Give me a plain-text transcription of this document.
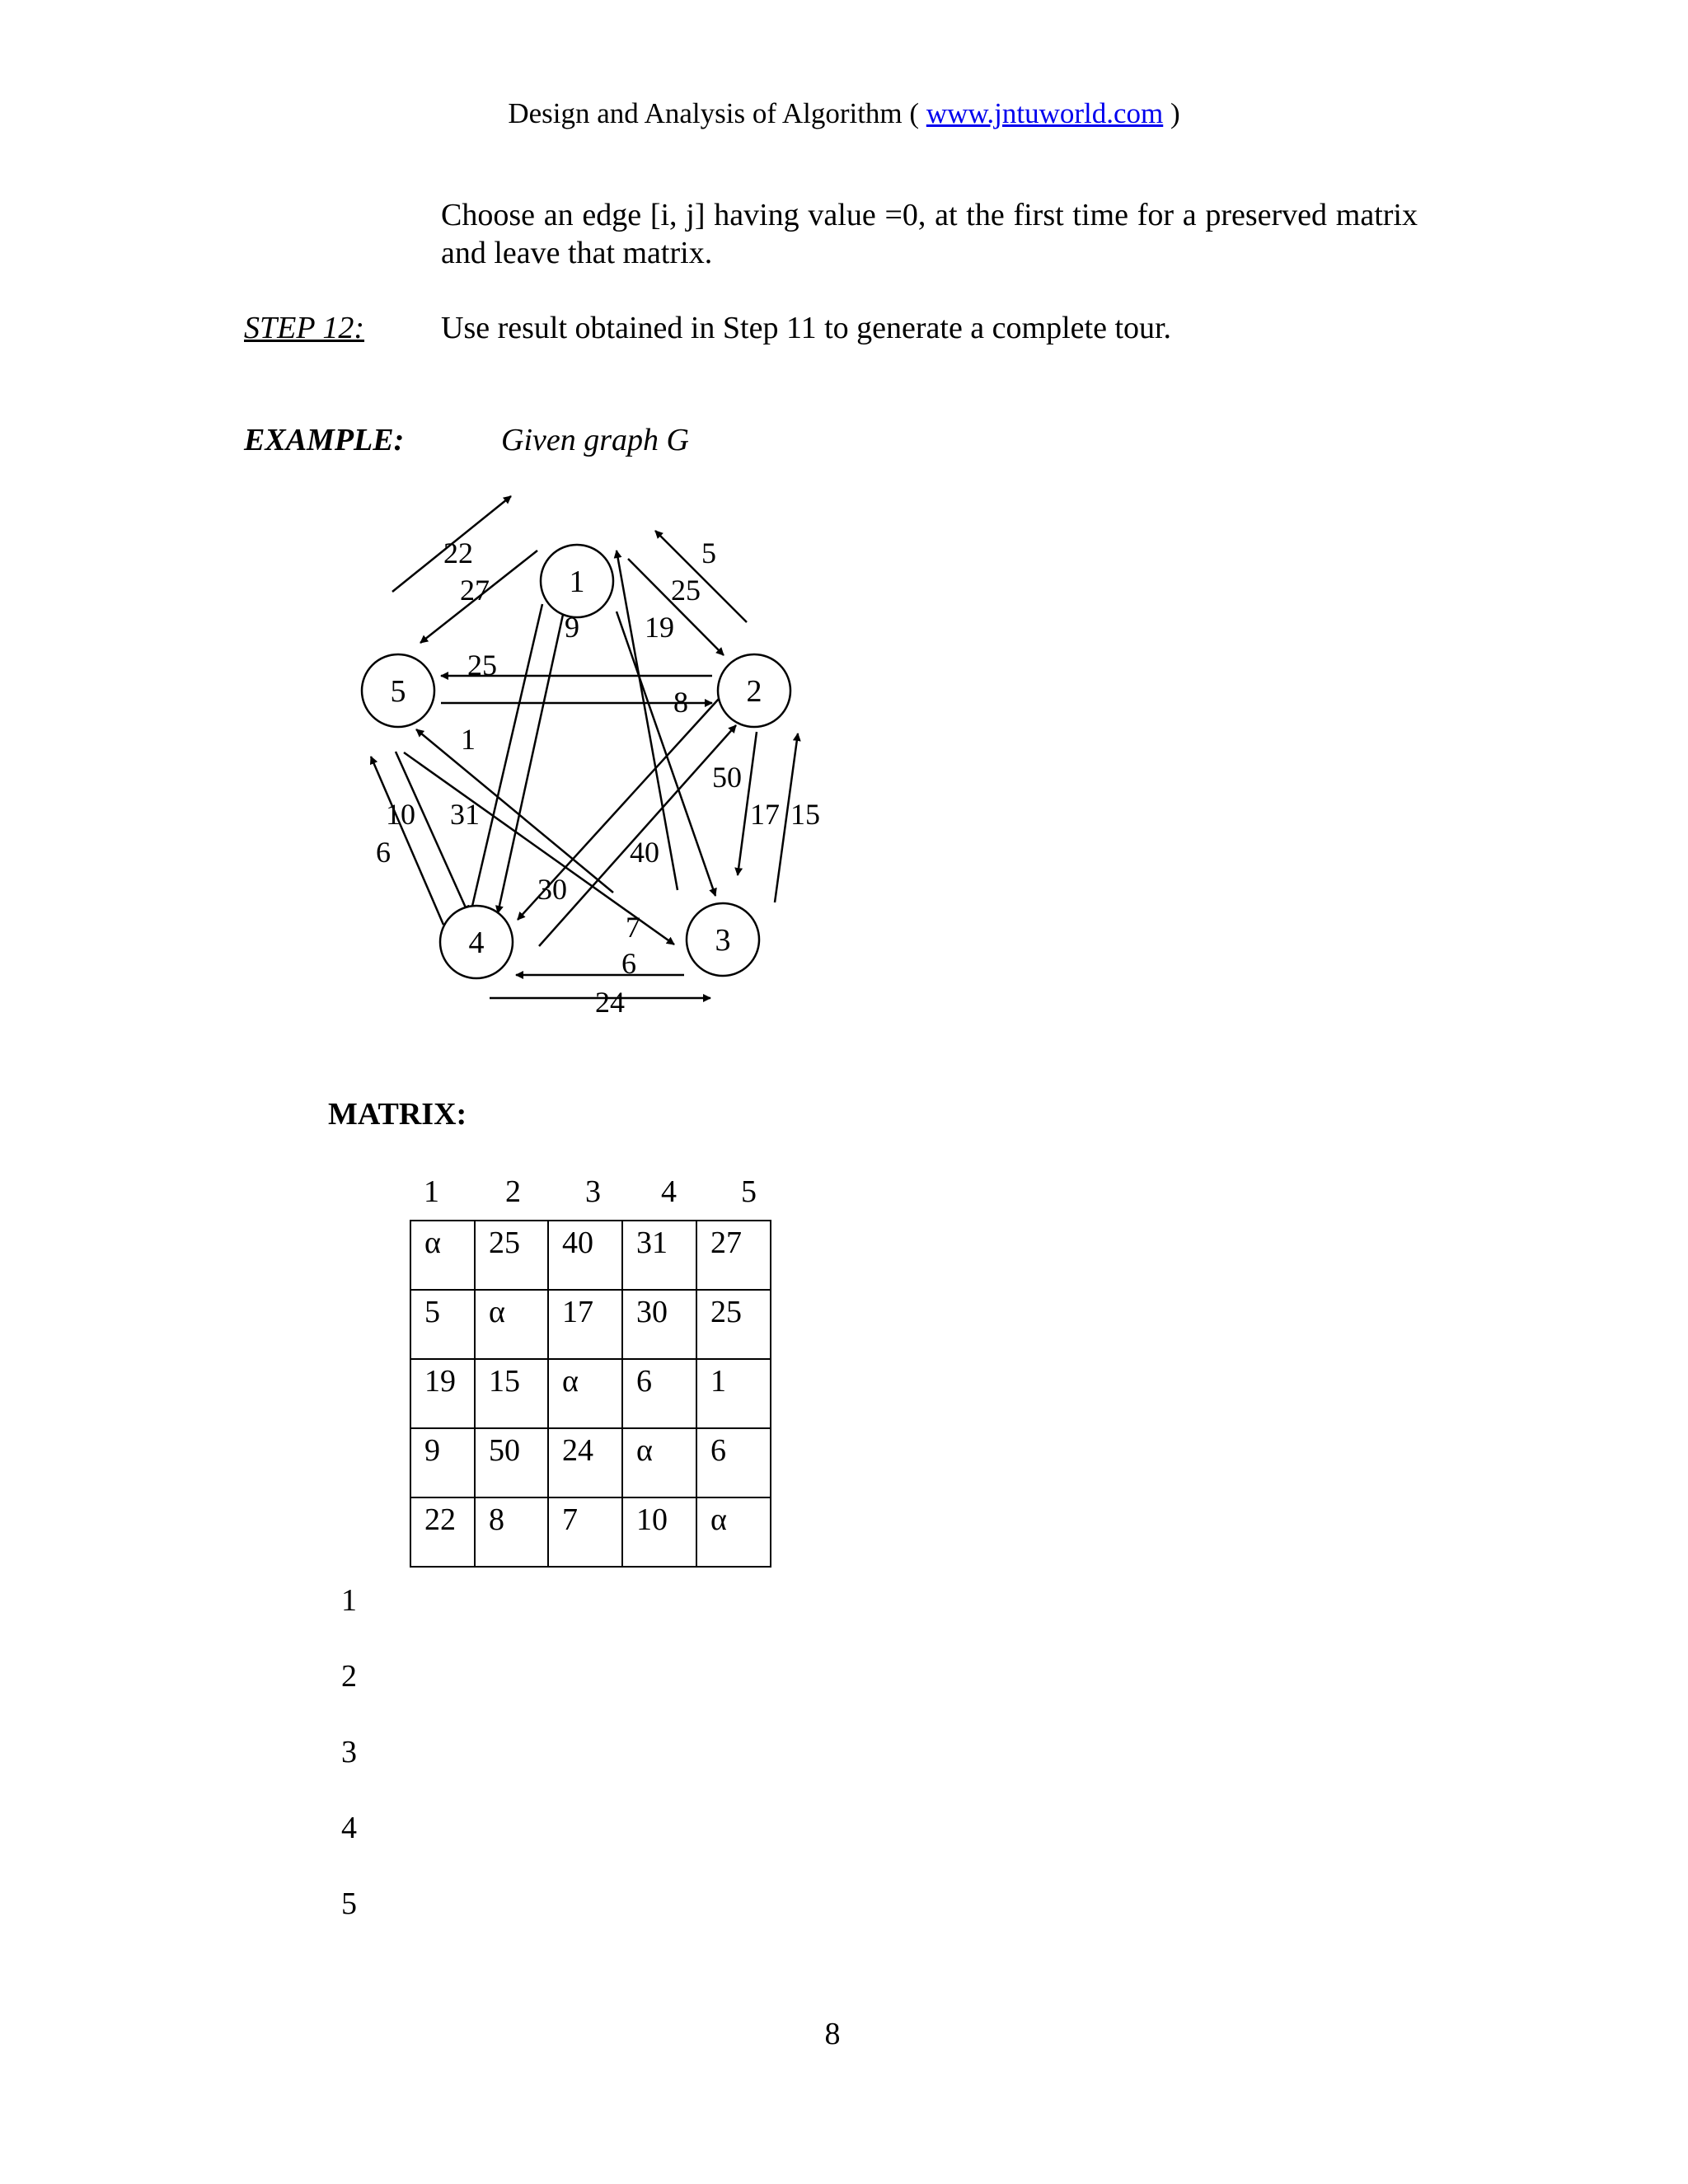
Design and Analysis of Algorithm ( www.jntuworld.com )
Choose an edge [i, j] having value =0, at the first time for a preserved matrix and leave that matrix.
STEP 12: Use result obtained in Step 11 to generate a complete tour.
EXAMPLE:	Given graph G
1
2
3
4
5
22
27
5
25
9 19
25
8
1
50
17 15
10 31
6	40
30
7
6
24
MATRIX:
1 2 3 4 5
α	25	40	31	27
5	α	17	30	25
19	15	α	6	1
9	50	24	α	6
22	8	7	10	α
1
2
3
4
5
8
